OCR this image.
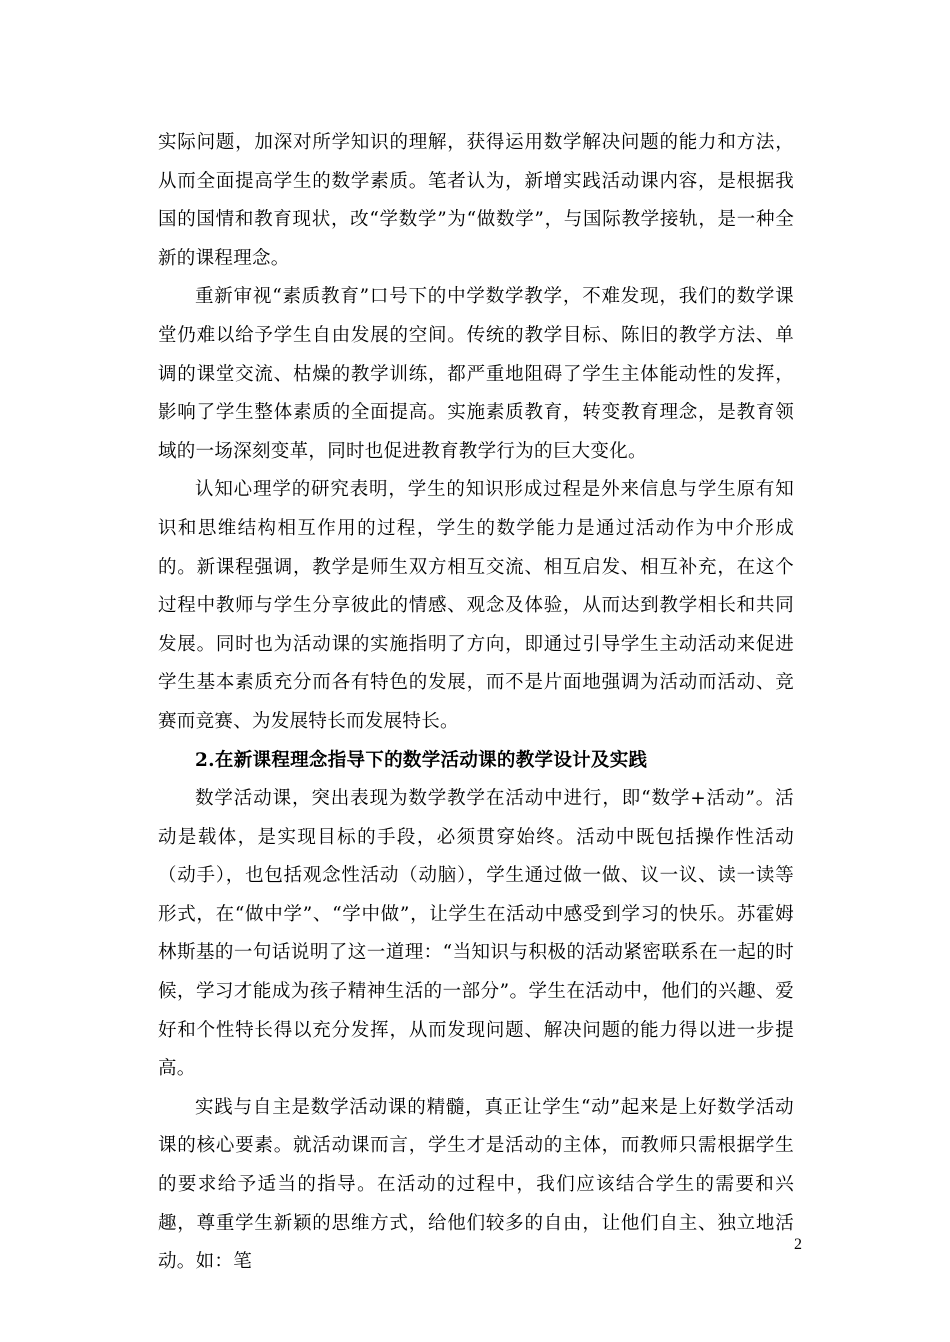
实际问题，加深对所学知识的理解，获得运用数学解决问题的能力和方法，从而全面提高学生的数学素质。笔者认为，新增实践活动课内容，是根据我国的国情和教育现状，改“学数学”为“做数学”，与国际教学接轨，是一种全新的课程理念。

重新审视“素质教育”口号下的中学数学教学，不难发现，我们的数学课堂仍难以给予学生自由发展的空间。传统的教学目标、陈旧的教学方法、单调的课堂交流、枯燥的教学训练，都严重地阻碍了学生主体能动性的发挥，影响了学生整体素质的全面提高。实施素质教育，转变教育理念，是教育领域的一场深刻变革，同时也促进教育教学行为的巨大变化。

认知心理学的研究表明，学生的知识形成过程是外来信息与学生原有知识和思维结构相互作用的过程，学生的数学能力是通过活动作为中介形成的。新课程强调，教学是师生双方相互交流、相互启发、相互补充，在这个过程中教师与学生分享彼此的情感、观念及体验，从而达到教学相长和共同发展。同时也为活动课的实施指明了方向，即通过引导学生主动活动来促进学生基本素质充分而各有特色的发展，而不是片面地强调为活动而活动、竞赛而竞赛、为发展特长而发展特长。

2.在新课程理念指导下的数学活动课的教学设计及实践

数学活动课，突出表现为数学教学在活动中进行，即“数学+活动”。活动是载体，是实现目标的手段，必须贯穿始终。活动中既包括操作性活动（动手），也包括观念性活动（动脑），学生通过做一做、议一议、读一读等形式，在“做中学”、“学中做”，让学生在活动中感受到学习的快乐。苏霍姆林斯基的一句话说明了这一道理：“当知识与积极的活动紧密联系在一起的时候，学习才能成为孩子精神生活的一部分”。学生在活动中，他们的兴趣、爱好和个性特长得以充分发挥，从而发现问题、解决问题的能力得以进一步提高。

实践与自主是数学活动课的精髓，真正让学生“动”起来是上好数学活动课的核心要素。就活动课而言，学生才是活动的主体，而教师只需根据学生的要求给予适当的指导。在活动的过程中，我们应该结合学生的需要和兴趣，尊重学生新颖的思维方式，给他们较多的自由，让他们自主、独立地活动。如：笔

2
